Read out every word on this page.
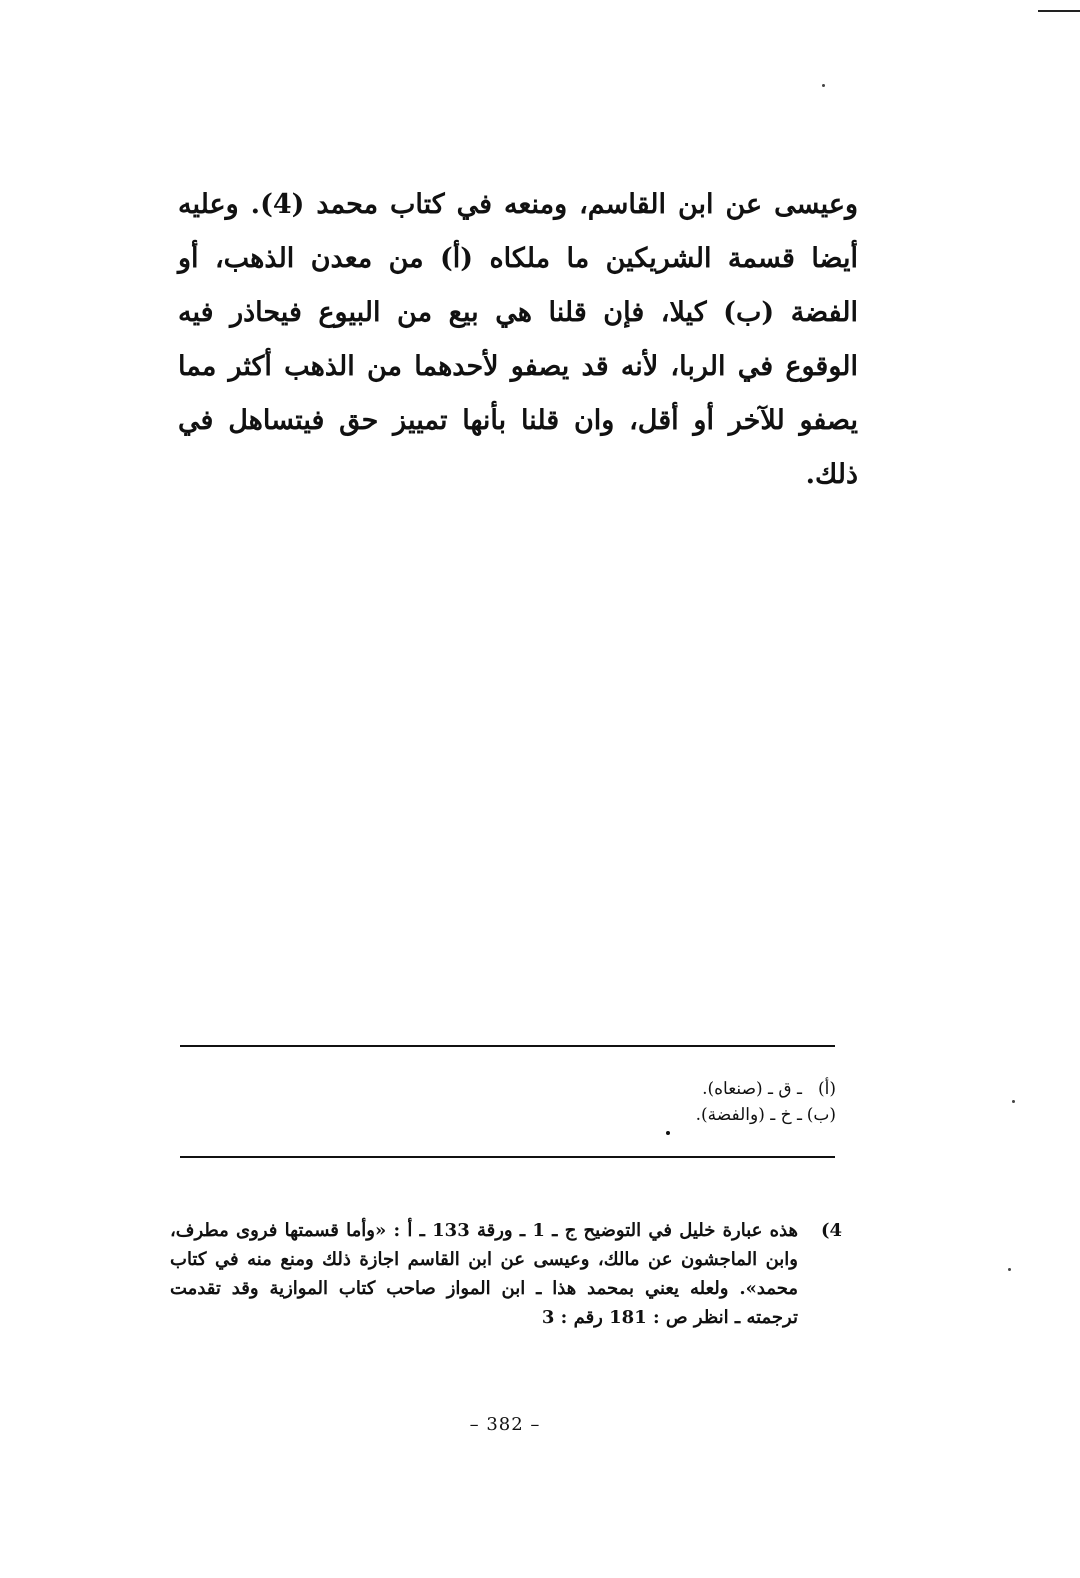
وعيسى عن ابن القاسم، ومنعه في كتاب محمد (4). وعليه أيضا قسمة الشريكين ما ملكاه (أ) من معدن الذهب، أو الفضة (ب) كيلا، فإن قلنا هي بيع من البيوع فيحاذر فيه الوقوع في الربا، لأنه قد يصفو لأحدهما من الذهب أكثر مما يصفو للآخر أو أقل، وان قلنا بأنها تمييز حق فيتساهل في ذلك.

(أ)
ـ ق ـ (صنعاه).
(ب)
ـ خ ـ (والفضة).
4)
هذه عبارة خليل في التوضيح ج ـ 1 ـ ورقة 133 ـ أ : «وأما قسمتها فروى مطرف، وابن الماجشون عن مالك، وعيسى عن ابن القاسم اجازة ذلك ومنع منه في كتاب محمد». ولعله يعني بمحمد هذا ـ ابن المواز صاحب كتاب الموازية وقد تقدمت ترجمته ـ انظر ص : 181 رقم : 3
– 382 –
